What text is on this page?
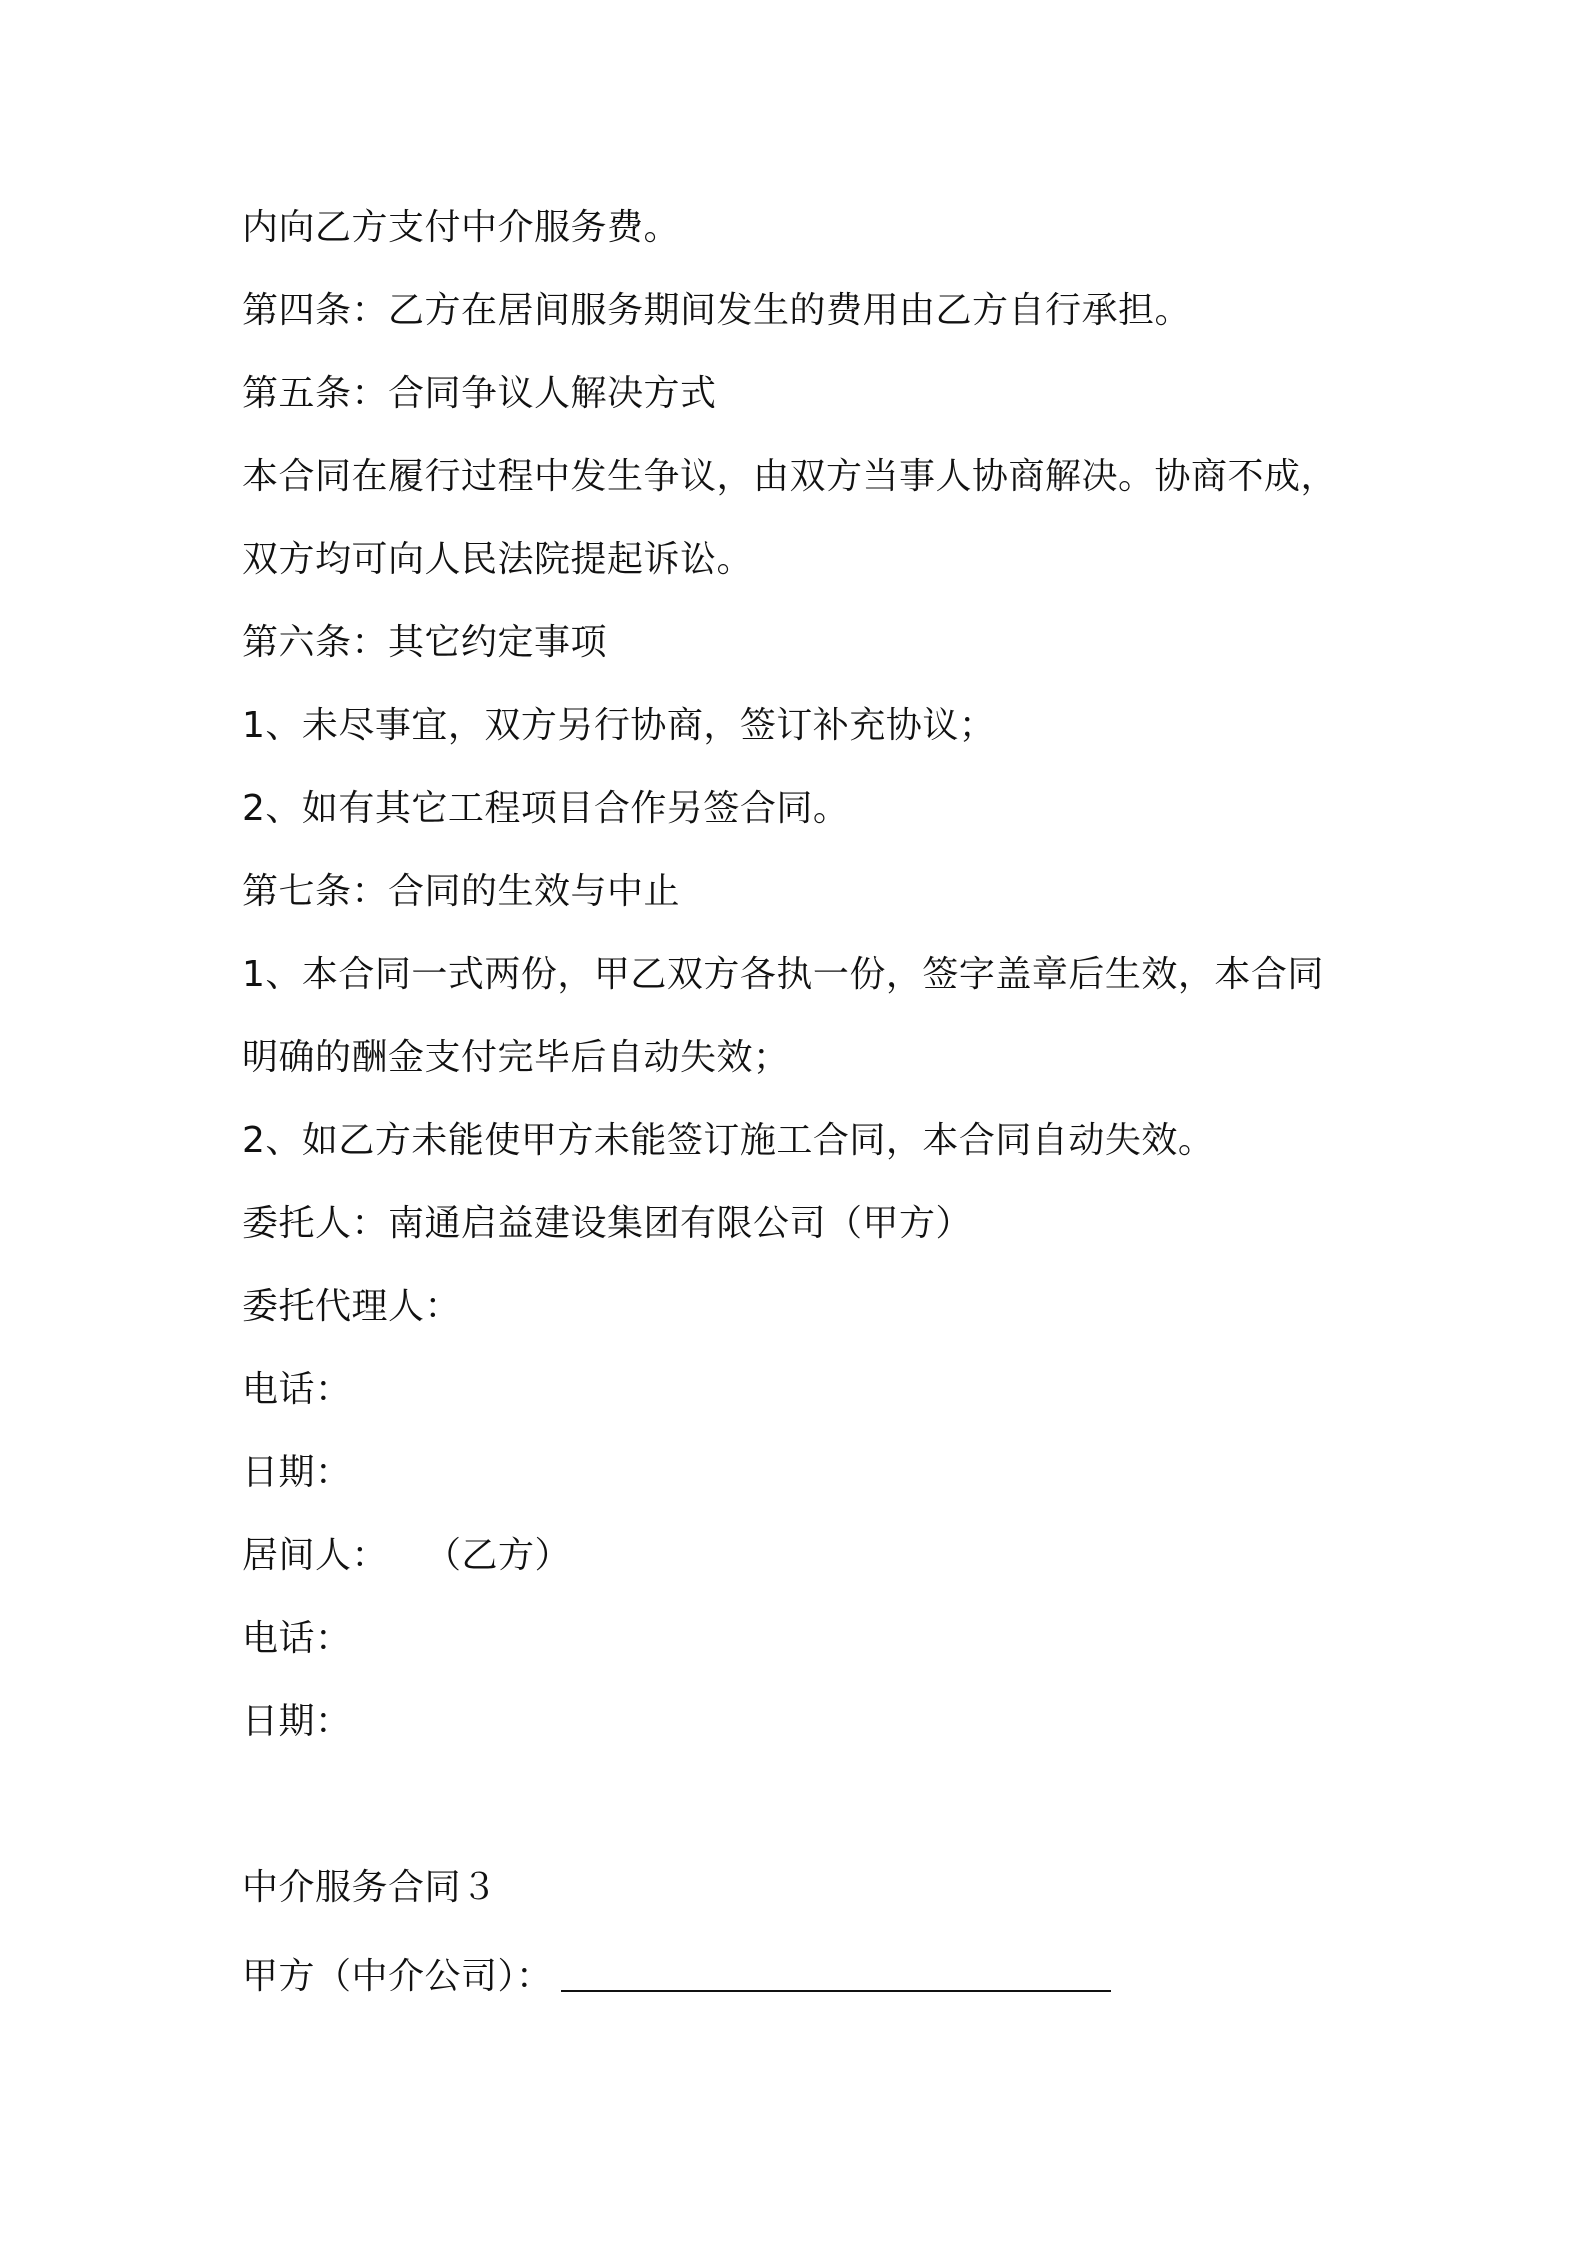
内向乙方支付中介服务费。
第四条：乙方在居间服务期间发生的费用由乙方自行承担。
第五条：合同争议人解决方式
本合同在履行过程中发生争议，由双方当事人协商解决。协商不成，
双方均可向人民法院提起诉讼。
第六条：其它约定事项
1、未尽事宜，双方另行协商，签订补充协议；
2、如有其它工程项目合作另签合同。
第七条：合同的生效与中止
1、本合同一式两份，甲乙双方各执一份，签字盖章后生效，本合同
明确的酬金支付完毕后自动失效；
2、如乙方未能使甲方未能签订施工合同，本合同自动失效。
委托人：南通启益建设集团有限公司（甲方）
委托代理人：
电话：
日期：
居间人：　　（乙方）
电话：
日期：
中介服务合同３
甲方（中介公司）：
